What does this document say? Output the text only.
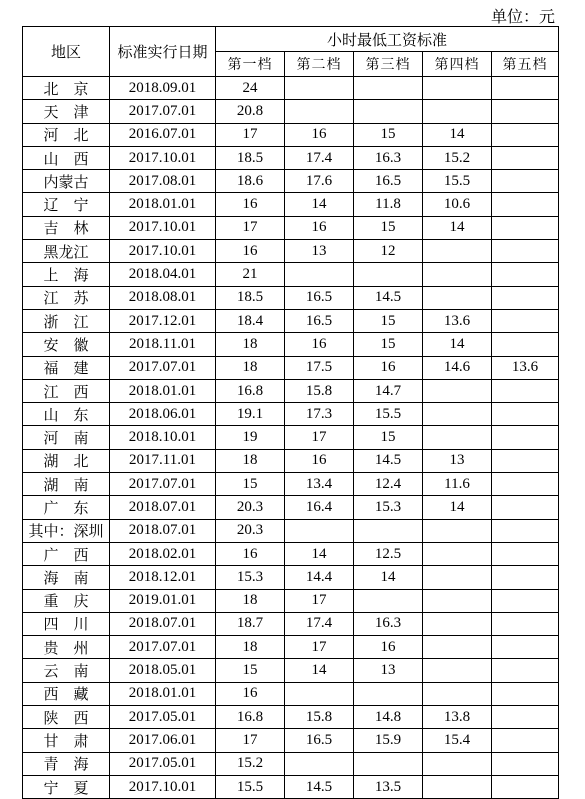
单位：元
地区	标准实行日期	小时最低工资标准				
		第一档	第二档	第三档	第四档	第五档
北　京	2018.09.01	24				
天　津	2017.07.01	20.8				
河　北	2016.07.01	17	16	15	14	
山　西	2017.10.01	18.5	17.4	16.3	15.2	
内蒙古	2017.08.01	18.6	17.6	16.5	15.5	
辽　宁	2018.01.01	16	14	11.8	10.6	
吉　林	2017.10.01	17	16	15	14	
黑龙江	2017.10.01	16	13	12		
上　海	2018.04.01	21				
江　苏	2018.08.01	18.5	16.5	14.5		
浙　江	2017.12.01	18.4	16.5	15	13.6	
安　徽	2018.11.01	18	16	15	14	
福　建	2017.07.01	18	17.5	16	14.6	13.6
江　西	2018.01.01	16.8	15.8	14.7		
山　东	2018.06.01	19.1	17.3	15.5		
河　南	2018.10.01	19	17	15		
湖　北	2017.11.01	18	16	14.5	13	
湖　南	2017.07.01	15	13.4	12.4	11.6	
广　东	2018.07.01	20.3	16.4	15.3	14	
其中：深圳	2018.07.01	20.3				
广　西	2018.02.01	16	14	12.5		
海　南	2018.12.01	15.3	14.4	14		
重　庆	2019.01.01	18	17			
四　川	2018.07.01	18.7	17.4	16.3		
贵　州	2017.07.01	18	17	16		
云　南	2018.05.01	15	14	13		
西　藏	2018.01.01	16				
陕　西	2017.05.01	16.8	15.8	14.8	13.8	
甘　肃	2017.06.01	17	16.5	15.9	15.4	
青　海	2017.05.01	15.2				
宁　夏	2017.10.01	15.5	14.5	13.5		
